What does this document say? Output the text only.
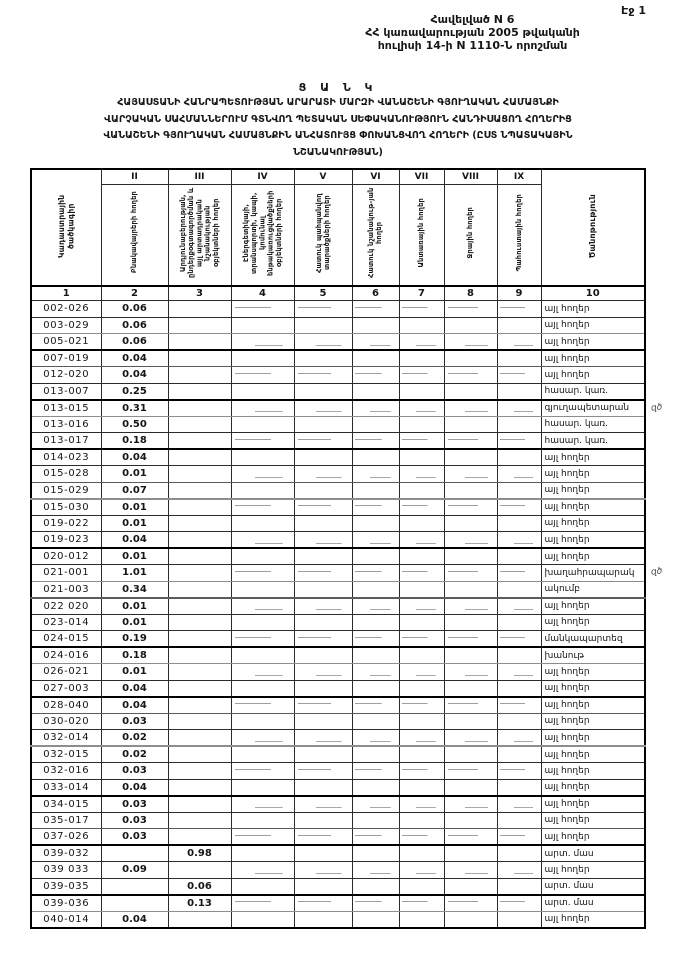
Էջ 1
Հավելված N 6
ՀՀ կառավարության 2005 թվականի
հուլիսի 14-ի N 1110-Ն որոշման
Ց Ա Ն Կ
ՀԱՅԱՍՏԱՆԻ ՀԱՆՐԱՊԵՏՈՒԹՅԱՆ ԱՐԱՐԱՏԻ ՄԱՐԶԻ ՎԱՆԱՇԵՆԻ ԳՅՈՒՂԱԿԱՆ ՀԱՄԱՅՆՔԻ
ՎԱՐՉԱԿԱՆ ՍԱՀՄԱՆՆԵՐՈՒՄ ԳՏՆՎՈՂ ՊԵՏԱԿԱՆ ՍԵՓԱԿԱՆՈՒԹՅՈՒՆ ՀԱՆԴԻՍԱՑՈՂ ՀՈՂԵՐԻՑ
ՎԱՆԱՇԵՆԻ ԳՅՈՒՂԱԿԱՆ ՀԱՄԱՅՆՔԻՆ ԱՆՀԱՏՈՒՅՑ ՓՈԽԱՆՑՎՈՂ ՀՈՂԵՐԻ (ԸՍՏ ՆՊԱՏԱԿԱՅԻՆ
ՆՇԱՆԱԿՈՒԹՅԱՆ)
Կադաստրային ծածկագիր	II	III	IV	V	VI	VII	VIII	IX	Ծանոթություն
	Բնակավայրերի հողեր	Արդյունաբերության, ընդերքօգտագործման և այլ արտադրական նշանակության օբյեկտների հողեր	Էներգետիկայի, տրանսպորտի, կապի, կոմունալ ենթակառուցվածքների օբյեկտների հողեր	Հատուկ պահպանվող տարածքների հողեր	Հատուկ նշանակութ-յան հողեր	Անտառային հողեր	Ջրային հողեր	Պահուստային հողեր	
1	2	3	4	5	6	7	8	9	10
002-026	0.06								այլ հողեր
003-029	0.06								այլ հողեր
005-021	0.06								այլ հողեր
007-019	0.04								այլ հողեր
012-020	0.04								այլ հողեր
013-007	0.25								հասար. կառ.
013-015	0.31								գյուղապետարան զծ

013-016	0.50								հասար. կառ.
013-017	0.18								հասար. կառ.
014-023	0.04								այլ հողեր
015-028	0.01								այլ հողեր
015-029	0.07								այլ հողեր
015-030	0.01								այլ հողեր
019-022	0.01								այլ հողեր
019-023	0.04								այլ հողեր
020-012	0.01								այլ հողեր
021-001	1.01								խաղահրապարակ զծ

021-003	0.34								ակումբ
022 020	0.01								այլ հողեր
023-014	0.01								այլ հողեր
024-015	0.19								մանկապարտեզ
024-016	0.18								խանութ
026-021	0.01								այլ հողեր
027-003	0.04								այլ հողեր
028-040	0.04								այլ հողեր
030-020	0.03								այլ հողեր
032-014	0.02								այլ հողեր
032-015	0.02								այլ հողեր
032-016	0.03								այլ հողեր
033-014	0.04								այլ հողեր
034-015	0.03								այլ հողեր
035-017	0.03								այլ հողեր
037-026	0.03								այլ հողեր
039-032		0.98							արտ. մաս
039 033	0.09								այլ հողեր
039-035		0.06							արտ. մաս
039-036		0.13							արտ. մաս
040-014	0.04								այլ հողեր
